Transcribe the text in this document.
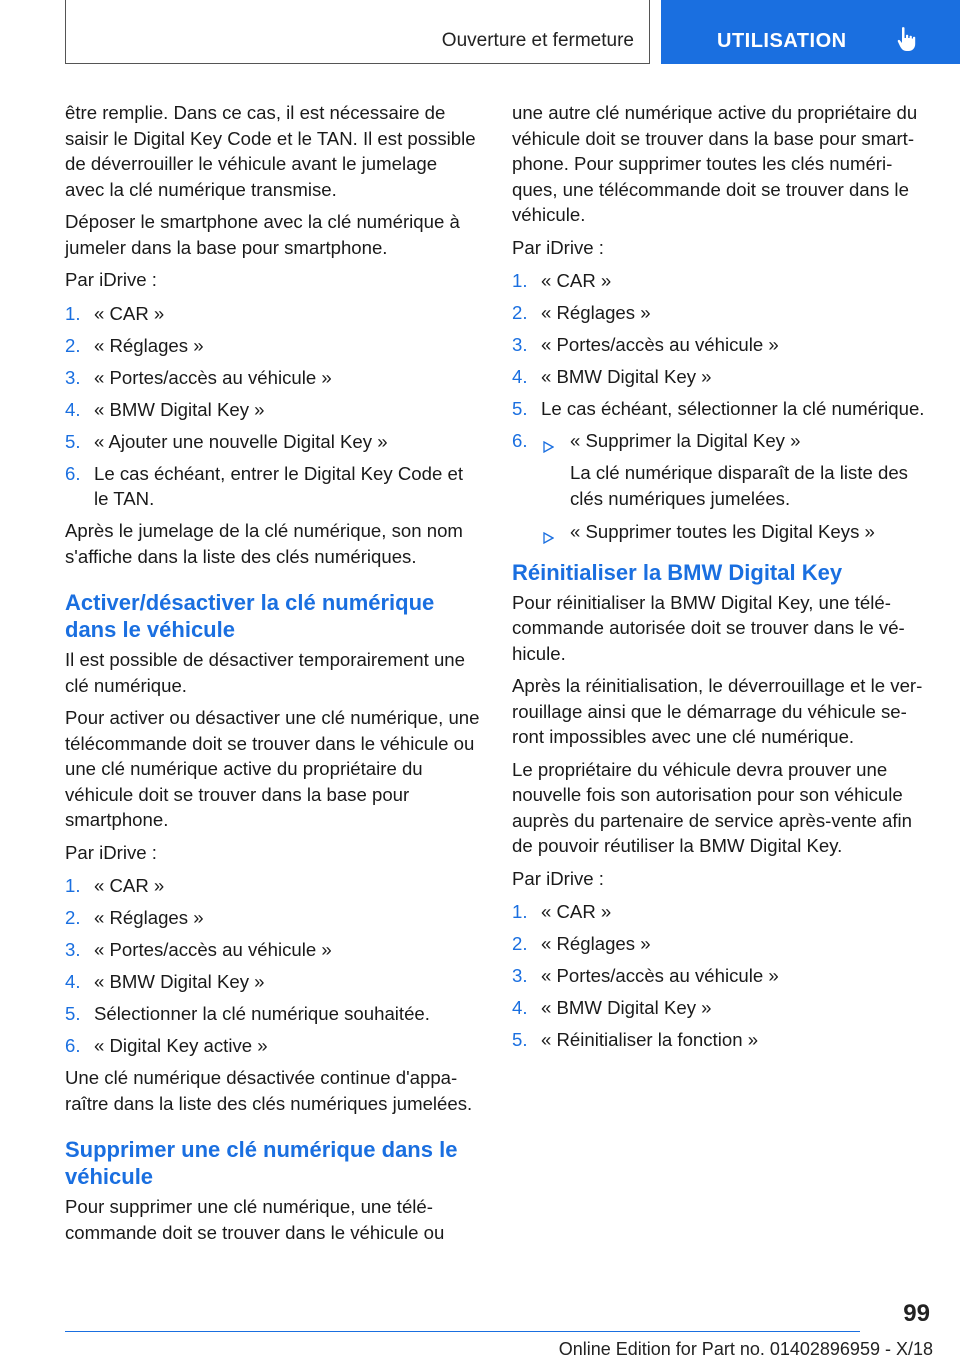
Ouverture et fermeture	UTILISATION

être remplie. Dans ce cas, il est nécessaire de saisir le Digital Key Code et le TAN. Il est possible de déverrouiller le véhicule avant le jumelage avec la clé numérique transmise.

Déposer le smartphone avec la clé numérique à jumeler dans la base pour smartphone.

Par iDrive :

1. « CAR »
2. « Réglages »
3. « Portes/accès au véhicule »
4. « BMW Digital Key »
5. « Ajouter une nouvelle Digital Key »
6. Le cas échéant, entrer le Digital Key Code et le TAN.

Après le jumelage de la clé numérique, son nom s'affiche dans la liste des clés numériques.

Activer/désactiver la clé numérique dans le véhicule

Il est possible de désactiver temporairement une clé numérique.

Pour activer ou désactiver une clé numérique, une télécommande doit se trouver dans le véhicule ou une clé numérique active du propriétaire du véhicule doit se trouver dans la base pour smartphone.

Par iDrive :

1. « CAR »
2. « Réglages »
3. « Portes/accès au véhicule »
4. « BMW Digital Key »
5. Sélectionner la clé numérique souhaitée.
6. « Digital Key active »

Une clé numérique désactivée continue d'apparaître dans la liste des clés numériques jumelées.

Supprimer une clé numérique dans le véhicule

Pour supprimer une clé numérique, une télécommande doit se trouver dans le véhicule ou

une autre clé numérique active du propriétaire du véhicule doit se trouver dans la base pour smartphone. Pour supprimer toutes les clés numériques, une télécommande doit se trouver dans le véhicule.

Par iDrive :

1. « CAR »
2. « Réglages »
3. « Portes/accès au véhicule »
4. « BMW Digital Key »
5. Le cas échéant, sélectionner la clé numérique.
6.	« Supprimer la Digital Key »

La clé numérique disparaît de la liste des clés numériques jumelées.

« Supprimer toutes les Digital Keys »
Réinitialiser la BMW Digital Key

Pour réinitialiser la BMW Digital Key, une télécommande autorisée doit se trouver dans le véhicule.

Après la réinitialisation, le déverrouillage et le verrouillage ainsi que le démarrage du véhicule seront impossibles avec une clé numérique.

Le propriétaire du véhicule devra prouver une nouvelle fois son autorisation pour son véhicule auprès du partenaire de service après-vente afin de pouvoir réutiliser la BMW Digital Key.

Par iDrive :

1. « CAR »
2. « Réglages »
3. « Portes/accès au véhicule »
4. « BMW Digital Key »
5. « Réinitialiser la fonction »
99
Online Edition for Part no. 01402896959 - X/18
